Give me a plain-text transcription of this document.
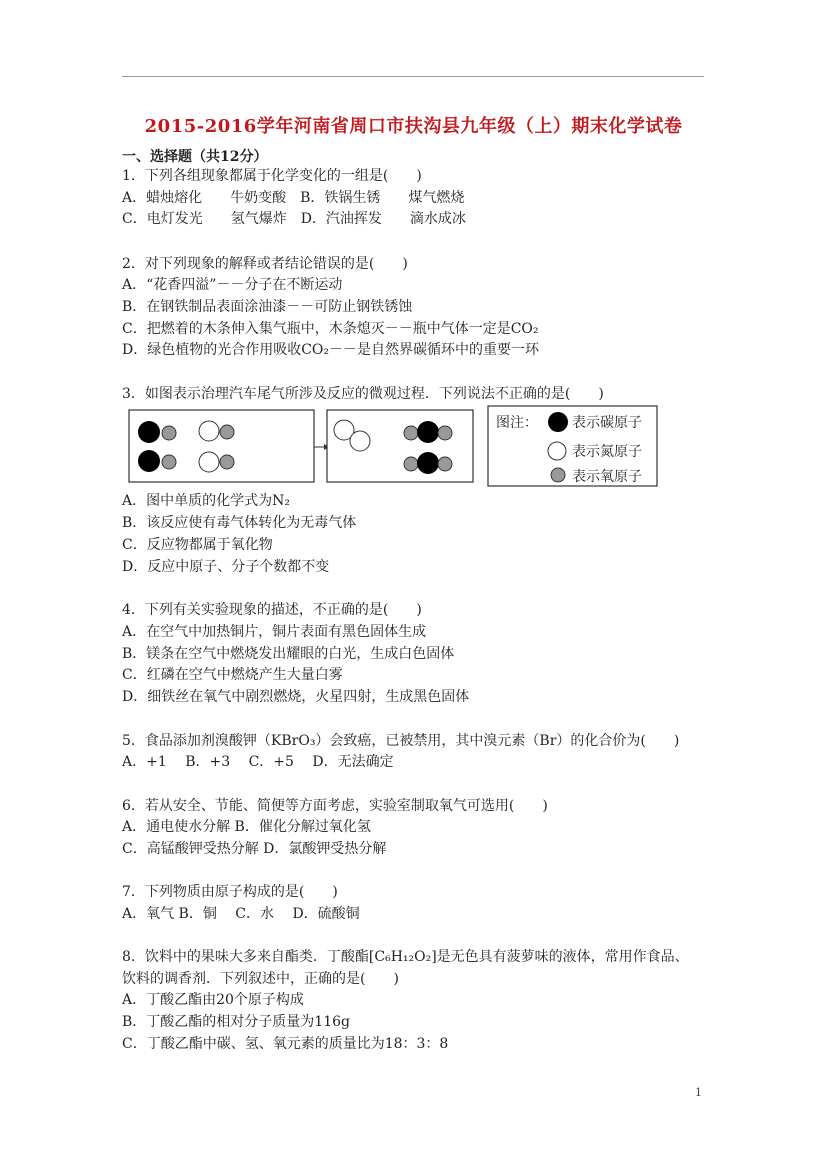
2015-2016学年河南省周口市扶沟县九年级（上）期末化学试卷
一、选择题（共12分）
1．下列各组现象都属于化学变化的一组是(　　)
A．蜡烛熔化　　牛奶变酸　B．铁锅生锈　　煤气燃烧
C．电灯发光　　氢气爆炸　D．汽油挥发　　滴水成冰
2．对下列现象的解释或者结论错误的是(　　)
A．“花香四溢”－－分子在不断运动
B．在钢铁制品表面涂油漆－－可防止钢铁锈蚀
C．把燃着的木条伸入集气瓶中，木条熄灭－－瓶中气体一定是CO₂
D．绿色植物的光合作用吸收CO₂－－是自然界碳循环中的重要一环
3．如图表示治理汽车尾气所涉及反应的微观过程．下列说法不正确的是(　　)
图注： 表示碳原子
表示氮原子
表示氧原子
A．图中单质的化学式为N₂
B．该反应使有毒气体转化为无毒气体
C．反应物都属于氧化物
D．反应中原子、分子个数都不变
4．下列有关实验现象的描述，不正确的是(　　)
A．在空气中加热铜片，铜片表面有黑色固体生成
B．镁条在空气中燃烧发出耀眼的白光，生成白色固体
C．红磷在空气中燃烧产生大量白雾
D．细铁丝在氧气中剧烈燃烧，火星四射，生成黑色固体
5．食品添加剂溴酸钾（KBrO₃）会致癌，已被禁用，其中溴元素（Br）的化合价为(　　)
A．+1　 B．+3　 C．+5　 D．无法确定
6．若从安全、节能、简便等方面考虑，实验室制取氧气可选用(　　)
A．通电使水分解 B．催化分解过氧化氢
C．高锰酸钾受热分解 D．氯酸钾受热分解
7．下列物质由原子构成的是(　　)
A．氧气 B．铜　 C．水　 D．硫酸铜
8．饮料中的果味大多来自酯类．丁酸酯[C₆H₁₂O₂]是无色具有菠萝味的液体，常用作食品、
饮料的调香剂．下列叙述中，正确的是(　　)
A．丁酸乙酯由20个原子构成
B．丁酸乙酯的相对分子质量为116g
C．丁酸乙酯中碳、氢、氧元素的质量比为18：3：8
1
